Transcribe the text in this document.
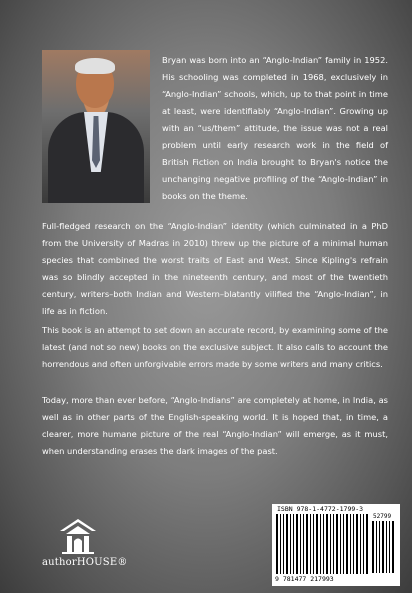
Bryan was born into an “Anglo-Indian” family in 1952. His schooling was completed in 1968, exclusively in “Anglo-Indian” schools, which, up to that point in time at least, were identifiably “Anglo-Indian”. Growing up with an “us/them” attitude, the issue was not a real problem until early research work in the field of British Fiction on India brought to Bryan's notice the unchanging negative profiling of the “Anglo-Indian” in books on the theme.

Full-fledged research on the “Anglo-Indian” identity (which culminated in a PhD from the University of Madras in 2010) threw up the picture of a minimal human species that combined the worst traits of East and West. Since Kipling's refrain was so blindly accepted in the nineteenth century, and most of the twentieth century, writers–both Indian and Western–blatantly vilified the “Anglo-Indian”, in life as in fiction.

This book is an attempt to set down an accurate record, by examining some of the latest (and not so new) books on the exclusive subject. It also calls to account the horrendous and often unforgivable errors made by some writers and many critics.

Today, more than ever before, “Anglo-Indians” are completely at home, in India, as well as in other parts of the English-speaking world. It is hoped that, in time, a clearer, more humane picture of the real “Anglo-Indian” will emerge, as it must, when understanding erases the dark images of the past.

authorHOUSE®
ISBN 978-1-4772-1799-3
52799
9 781477 217993
